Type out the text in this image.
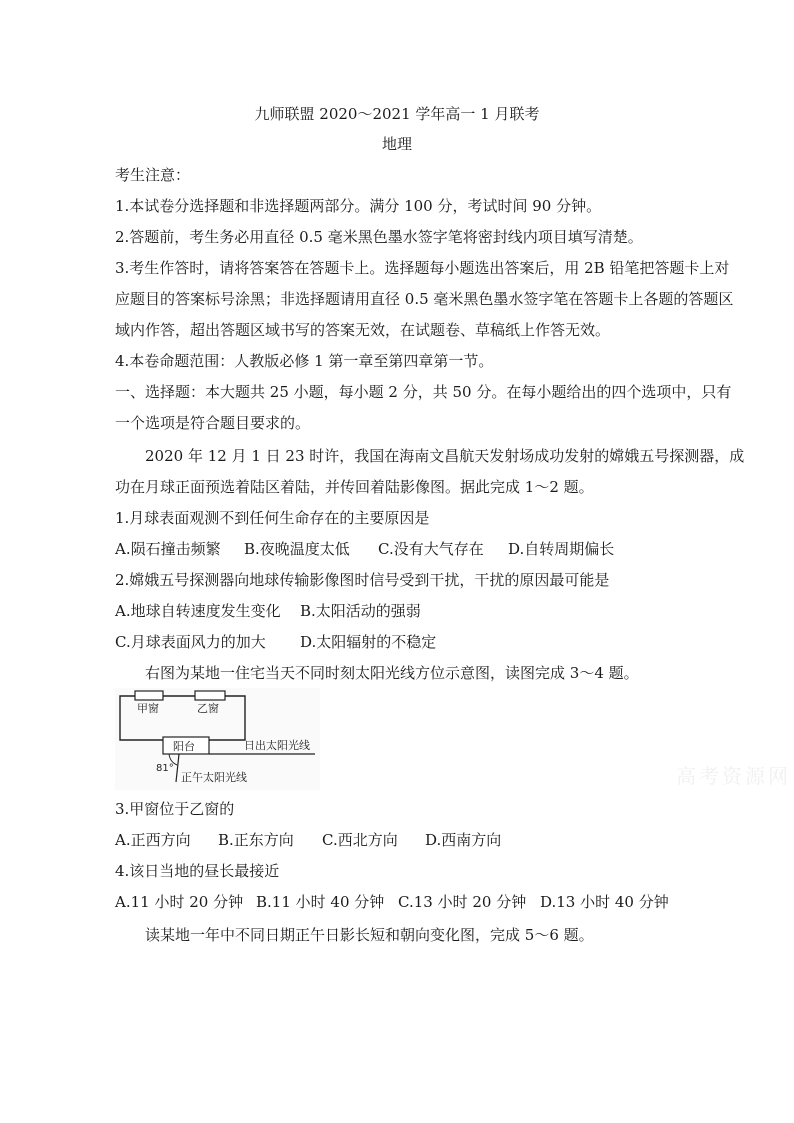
九师联盟 2020～2021 学年高一 1 月联考
地理
考生注意：
1.本试卷分选择题和非选择题两部分。满分 100 分，考试时间 90 分钟。
2.答题前，考生务必用直径 0.5 毫米黑色墨水签字笔将密封线内项目填写清楚。
3.考生作答时，请将答案答在答题卡上。选择题每小题选出答案后，用 2B 铅笔把答题卡上对
应题目的答案标号涂黑；非选择题请用直径 0.5 毫米黑色墨水签字笔在答题卡上各题的答题区
域内作答，超出答题区域书写的答案无效，在试题卷、草稿纸上作答无效。
4.本卷命题范围：人教版必修 1 第一章至第四章第一节。
一、选择题：本大题共 25 小题，每小题 2 分，共 50 分。在每小题给出的四个选项中，只有
一个选项是符合题目要求的。
2020 年 12 月 1 日 23 时许，我国在海南文昌航天发射场成功发射的嫦娥五号探测器，成
功在月球正面预选着陆区着陆，并传回着陆影像图。据此完成 1～2 题。
1.月球表面观测不到任何生命存在的主要原因是
A.陨石撞击频繁 B.夜晚温度太低 C.没有大气存在 D.自转周期偏长
2.嫦娥五号探测器向地球传输影像图时信号受到干扰，干扰的原因最可能是
A.地球自转速度发生变化 B.太阳活动的强弱
C.月球表面风力的加大 D.太阳辐射的不稳定
右图为某地一住宅当天不同时刻太阳光线方位示意图，读图完成 3～4 题。
甲窗	乙窗
阳台	日出太阳光线
正午太阳光线
81°	高考资源网
3.甲窗位于乙窗的
A.正西方向 B.正东方向 C.西北方向 D.西南方向
4.该日当地的昼长最接近
A.11 小时 20 分钟 B.11 小时 40 分钟 C.13 小时 20 分钟 D.13 小时 40 分钟
读某地一年中不同日期正午日影长短和朝向变化图，完成 5～6 题。
